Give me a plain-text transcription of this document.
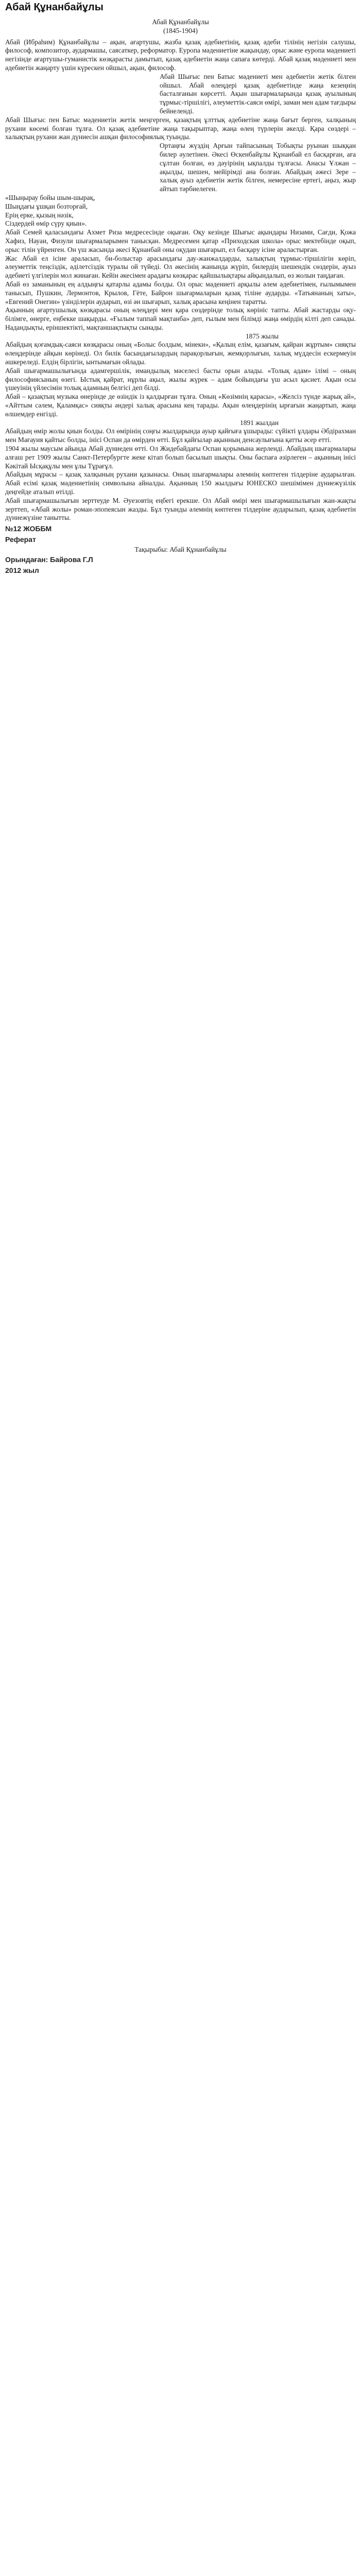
Абай Құнанбайұлы

Абай Құнанбайұлы

(1845-1904)

Абай (Ибраһим) Құнанбайұлы – ақын, ағартушы, жазба қазақ әдебиетінің, қазақ әдеби тілінің негізін салушы, философ, композитор, аудармашы, саясаткер, реформатор. Еуропа мәдениетіне жақындау, орыс және еуропа мәдениеті негізінде ағартушы-гуманистік көзқарасты дамытып, қазақ әдебиетін жаңа сапаға көтерді. Абай қазақ мәдениеті мен әдебиетін жаңарту үшін күрескен ойшыл, ақын, философ.

Абай Шығыс пен Батыс мәдениеті мен әдебиетін жетік білген ойшыл. Абай өлеңдері қазақ әдебиетінде жаңа кезеңнің басталғанын көрсетті. Ақын шығармаларында қазақ ауылының тұрмыс-тіршілігі, әлеуметтік-саяси өмірі, заман мен адам тағдыры бейнеленді.

Абай Шығыс пен Батыс мәдениетін жетік меңгерген, қазақтың ұлттық әдебиетіне жаңа бағыт берген, халқының рухани көсемі болған тұлға. Ол қазақ әдебиетіне жаңа тақырыптар, жаңа өлең түрлерін әкелді. Қара сөздері – халықтың рухани жан дүниесін ашқан философиялық туынды.

Ортаңғы жүздің Арғын тайпасының Тобықты руынан шыққан билер әулетінен. Әкесі Өскенбайұлы Құнанбай ел басқарған, аға сұлтан болған, өз дәуірінің ықпалды тұлғасы. Анасы Ұлжан – ақылды, шешен, мейірімді ана болған. Абайдың әжесі Зере – халық ауыз әдебиетін жетік білген, немересіне ертегі, аңыз, жыр айтып тәрбиелеген.

«Шыңырау бойы шым-шырақ,

Шыңдағы ұшқан бозторғай,

Ерің ерке, қызың нәзік,

Сіздердей өмір сүру қиын».

Абай Семей қаласындағы Ахмет Риза медресесінде оқыған. Оқу кезінде Шығыс ақындары Низами, Сағди, Қожа Хафиз, Науаи, Физули шығармаларымен танысқан. Медресемен қатар «Приходская школа» орыс мектебінде оқып, орыс тілін үйренген. Он үш жасында әкесі Құнанбай оны оқудан шығарып, ел басқару ісіне араластырған.

Жас Абай ел ісіне араласып, би-болыстар арасындағы дау-жанжалдарды, халықтың тұрмыс-тіршілігін көріп, әлеуметтік теңсіздік, әділетсіздік туралы ой түйеді. Ол әкесінің жанында жүріп, билердің шешендік сөздерін, ауыз әдебиеті үлгілерін мол жинаған. Кейін әкесімен арадағы көзқарас қайшылықтары айқындалып, өз жолын таңдаған.

Абай өз заманының ең алдыңғы қатарлы адамы болды. Ол орыс мәдениеті арқылы әлем әдебиетімен, ғылымымен танысып, Пушкин, Лермонтов, Крылов, Гёте, Байрон шығармаларын қазақ тіліне аударды. «Татьянаның хаты», «Евгений Онегин» үзінділерін аударып, өзі ән шығарып, халық арасына кеңінен таратты.

Ақынның ағартушылық көзқарасы оның өлеңдері мен қара сөздерінде толық көрініс тапты. Абай жастарды оқу-білімге, өнерге, еңбекке шақырды. «Ғылым таппай мақтанба» деп, ғылым мен білімді жаңа өмірдің кілті деп санады. Надандықты, еріншектікті, мақтаншақтықты сынады.

1875 жылы

Абайдың қоғамдық-саяси көзқарасы оның «Болыс болдым, мінеки», «Қалың елім, қазағым, қайран жұртым» сияқты өлеңдерінде айқын көрінеді. Ол билік басындағылардың парақорлығын, жемқорлығын, халық мүддесін ескермеуін әшкереледі. Елдің бірлігін, ынтымағын ойлады.

Абай шығармашылығында адамгершілік, имандылық мәселесі басты орын алады. «Толық адам» ілімі – оның философиясының өзегі. Ыстық қайрат, нұрлы ақыл, жылы жүрек – адам бойындағы үш асыл қасиет. Ақын осы үшеуінің үйлесімін толық адамның белгісі деп білді.

Абай – қазақтың музыка өнерінде де өзіндік із қалдырған тұлға. Оның «Көзімнің қарасы», «Желсіз түнде жарық ай», «Айттым сәлем, Қаламқас» сияқты әндері халық арасына кең тарады. Ақын өлеңдерінің ырғағын жаңартып, жаңа өлшемдер енгізді.

1891 жылдан

Абайдың өмір жолы қиын болды. Ол өмірінің соңғы жылдарында ауыр қайғыға ұшырады: сүйікті ұлдары Әбдірахман мен Мағауия қайтыс болды, інісі Оспан да өмірден өтті. Бұл қайғылар ақынның денсаулығына қатты әсер етті.

1904 жылы маусым айында Абай дүниеден өтті. Ол Жидебайдағы Оспан қорымына жерленді. Абайдың шығармалары алғаш рет 1909 жылы Санкт-Петербургте жеке кітап болып басылып шықты. Оны баспаға әзірлеген – ақынның інісі Кәкітай Ысқақұлы мен ұлы Тұрағұл.

Абайдың мұрасы – қазақ халқының рухани қазынасы. Оның шығармалары әлемнің көптеген тілдеріне аударылған. Абай есімі қазақ мәдениетінің символына айналды. Ақынның 150 жылдығы ЮНЕСКО шешімімен дүниежүзілік деңгейде аталып өтілді.

Абай шығармашылығын зерттеуде М. Әуезовтің еңбегі ерекше. Ол Абай өмірі мен шығармашылығын жан-жақты зерттеп, «Абай жолы» роман-эпопеясын жазды. Бұл туынды әлемнің көптеген тілдеріне аударылып, қазақ әдебиетін дүниежүзіне танытты.

№12 ЖОББМ

Реферат

Тақырыбы: Абай Құнанбайұлы

Орындаған: Байрова Г.Л

2012 жыл
